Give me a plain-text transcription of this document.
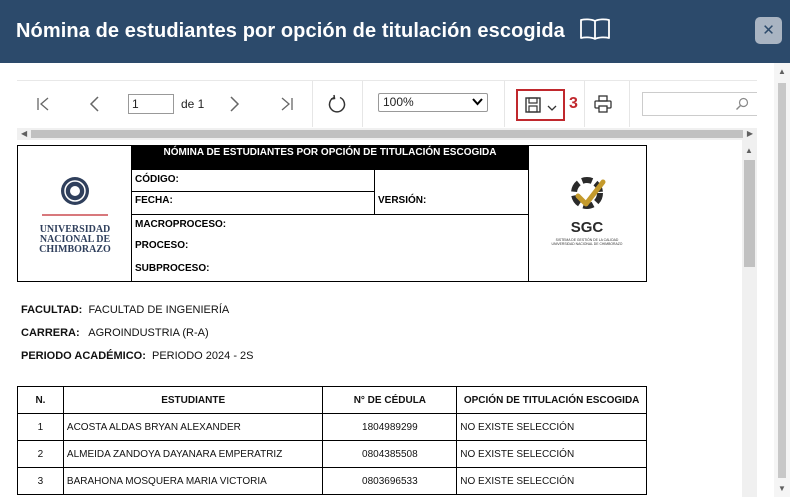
Nómina de estudiantes por opción de titulación escogida	✕
1	de 1	100%	3
◀	▶
UNIVERSIDAD
NACIONAL DE
CHIMBORAZO
NÓMINA DE ESTUDIANTES POR OPCIÓN DE TITULACIÓN ESCOGIDA
CÓDIGO:
FECHA:	VERSIÓN:
MACROPROCESO:
PROCESO:
SUBPROCESO:
SGC
SISTEMA DE GESTIÓN DE LA CALIDAD
UNIVERSIDAD NACIONAL DE CHIMBORAZO
FACULTAD: FACULTAD DE INGENIERÍA
CARRERA: AGROINDUSTRIA (R-A)
PERIODO ACADÉMICO: PERIODO 2024 - 2S
N.	ESTUDIANTE	N° DE CÉDULA	OPCIÓN DE TITULACIÓN ESCOGIDA
1	ACOSTA ALDAS BRYAN ALEXANDER	1804989299	NO EXISTE SELECCIÓN
2	ALMEIDA ZANDOYA DAYANARA EMPERATRIZ	0804385508	NO EXISTE SELECCIÓN
3	BARAHONA MOSQUERA MARIA VICTORIA	0803696533	NO EXISTE SELECCIÓN
▲
▲
▼
